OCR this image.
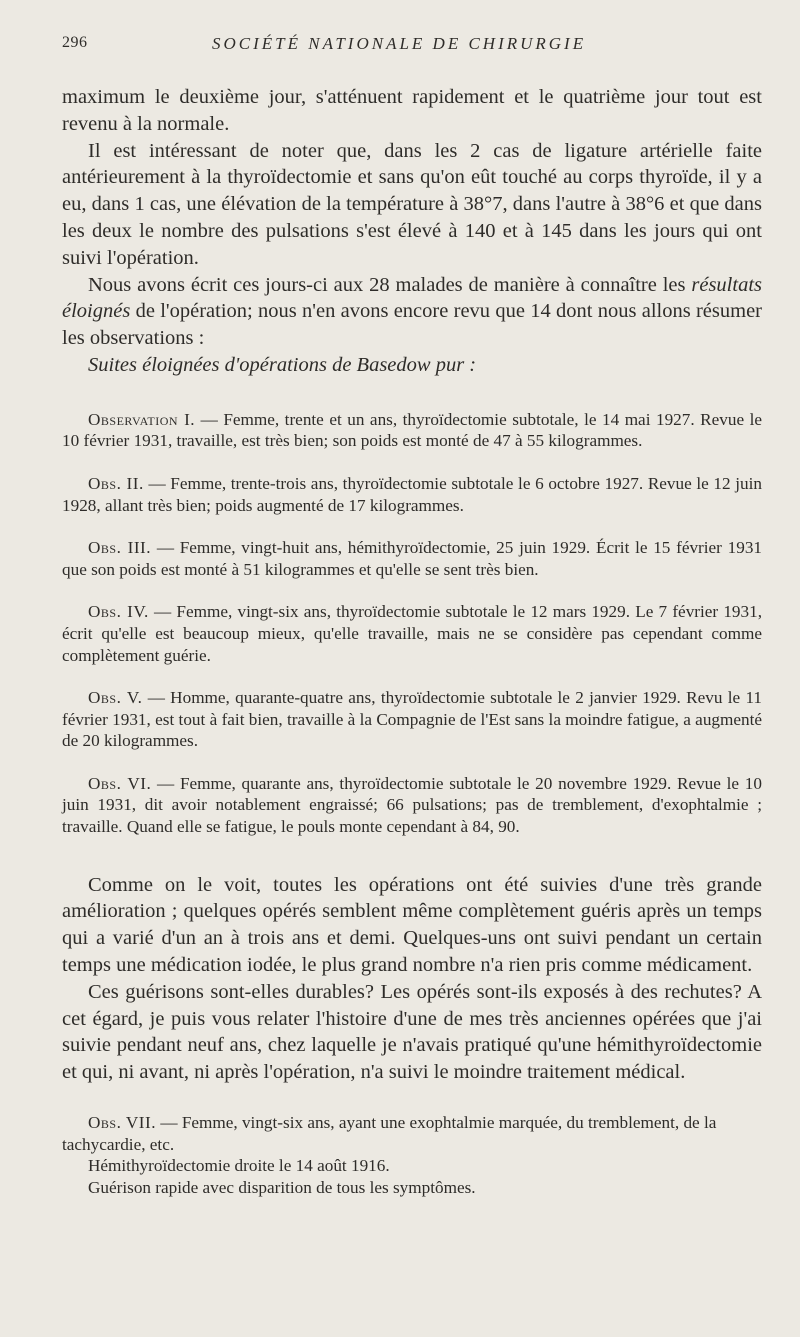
296	SOCIÉTÉ NATIONALE DE CHIRURGIE

maximum le deuxième jour, s'atténuent rapidement et le quatrième jour tout est revenu à la normale.

Il est intéressant de noter que, dans les 2 cas de ligature artérielle faite antérieurement à la thyroïdectomie et sans qu'on eût touché au corps thyroïde, il y a eu, dans 1 cas, une élévation de la température à 38°7, dans l'autre à 38°6 et que dans les deux le nombre des pulsations s'est élevé à 140 et à 145 dans les jours qui ont suivi l'opération.

Nous avons écrit ces jours-ci aux 28 malades de manière à connaître les résultats éloignés de l'opération; nous n'en avons encore revu que 14 dont nous allons résumer les observations :

Suites éloignées d'opérations de Basedow pur :

Observation I. — Femme, trente et un ans, thyroïdectomie subtotale, le 14 mai 1927. Revue le 10 février 1931, travaille, est très bien; son poids est monté de 47 à 55 kilogrammes.

Obs. II. — Femme, trente-trois ans, thyroïdectomie subtotale le 6 octobre 1927. Revue le 12 juin 1928, allant très bien; poids augmenté de 17 kilogrammes.

Obs. III. — Femme, vingt-huit ans, hémithyroïdectomie, 25 juin 1929. Écrit le 15 février 1931 que son poids est monté à 51 kilogrammes et qu'elle se sent très bien.

Obs. IV. — Femme, vingt-six ans, thyroïdectomie subtotale le 12 mars 1929. Le 7 février 1931, écrit qu'elle est beaucoup mieux, qu'elle travaille, mais ne se considère pas cependant comme complètement guérie.

Obs. V. — Homme, quarante-quatre ans, thyroïdectomie subtotale le 2 janvier 1929. Revu le 11 février 1931, est tout à fait bien, travaille à la Compagnie de l'Est sans la moindre fatigue, a augmenté de 20 kilogrammes.

Obs. VI. — Femme, quarante ans, thyroïdectomie subtotale le 20 novembre 1929. Revue le 10 juin 1931, dit avoir notablement engraissé; 66 pulsations; pas de tremblement, d'exophtalmie ; travaille. Quand elle se fatigue, le pouls monte cependant à 84, 90.

Comme on le voit, toutes les opérations ont été suivies d'une très grande amélioration ; quelques opérés semblent même complètement guéris après un temps qui a varié d'un an à trois ans et demi. Quelques-uns ont suivi pendant un certain temps une médication iodée, le plus grand nombre n'a rien pris comme médicament.

Ces guérisons sont-elles durables? Les opérés sont-ils exposés à des rechutes? A cet égard, je puis vous relater l'histoire d'une de mes très anciennes opérées que j'ai suivie pendant neuf ans, chez laquelle je n'avais pratiqué qu'une hémithyroïdectomie et qui, ni avant, ni après l'opération, n'a suivi le moindre traitement médical.

Obs. VII. — Femme, vingt-six ans, ayant une exophtalmie marquée, du tremblement, de la tachycardie, etc.

Hémithyroïdectomie droite le 14 août 1916.

Guérison rapide avec disparition de tous les symptômes.
